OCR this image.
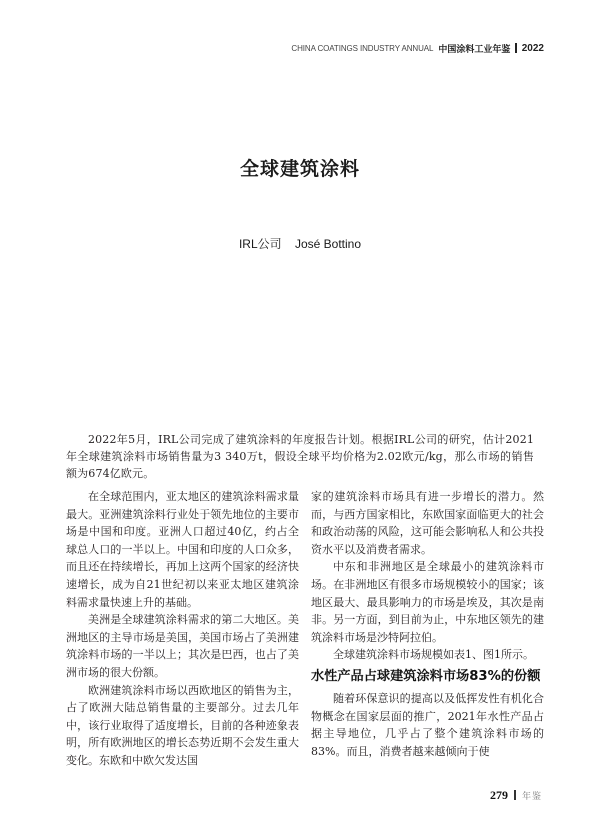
CHINA COATINGS INDUSTRY ANNUAL 中国涂料工业年鉴 2022
全球建筑涂料
IRL公司 José Bottino
2022年5月，IRL公司完成了建筑涂料的年度报告计划。根据IRL公司的研究，估计2021年全球建筑涂料市场销售量为3 340万t，假设全球平均价格为2.02欧元/kg，那么市场的销售额为674亿欧元。

在全球范围内，亚太地区的建筑涂料需求量最大。亚洲建筑涂料行业处于领先地位的主要市场是中国和印度。亚洲人口超过40亿，约占全球总人口的一半以上。中国和印度的人口众多，而且还在持续增长，再加上这两个国家的经济快速增长，成为自21世纪初以来亚太地区建筑涂料需求量快速上升的基础。

美洲是全球建筑涂料需求的第二大地区。美洲地区的主导市场是美国，美国市场占了美洲建筑涂料市场的一半以上；其次是巴西，也占了美洲市场的很大份额。

欧洲建筑涂料市场以西欧地区的销售为主，占了欧洲大陆总销售量的主要部分。过去几年中，该行业取得了适度增长，目前的各种迹象表明，所有欧洲地区的增长态势近期不会发生重大变化。东欧和中欧欠发达国

家的建筑涂料市场具有进一步增长的潜力。然而，与西方国家相比，东欧国家面临更大的社会和政治动荡的风险，这可能会影响私人和公共投资水平以及消费者需求。

中东和非洲地区是全球最小的建筑涂料市场。在非洲地区有很多市场规模较小的国家；该地区最大、最具影响力的市场是埃及，其次是南非。另一方面，到目前为止，中东地区领先的建筑涂料市场是沙特阿拉伯。

全球建筑涂料市场规模如表1、图1所示。

水性产品占球建筑涂料市场83%的份额

随着环保意识的提高以及低挥发性有机化合物概念在国家层面的推广，2021年水性产品占据主导地位，几乎占了整个建筑涂料市场的83%。而且，消费者越来越倾向于使

279 年鉴
